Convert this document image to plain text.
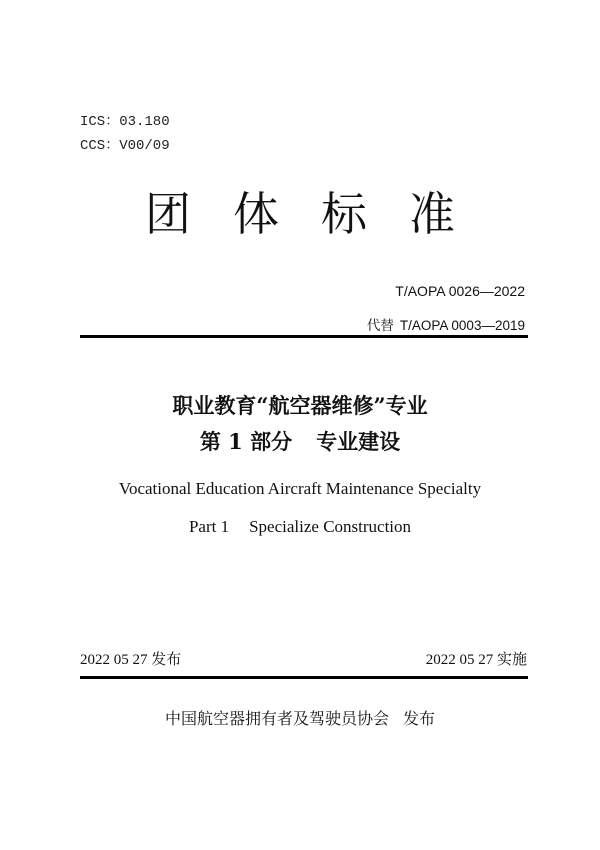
ICS：03.180
CCS：V00/09
团体标准
T/AOPA 0026—2022
代替 T/AOPA 0003—2019
职业教育“航空器维修”专业
第 1 部分 专业建设
Vocational Education Aircraft Maintenance Specialty
Part 1 Specialize Construction
2022 05 27 发布	2022 05 27 实施
中国航空器拥有者及驾驶员协会 发布
